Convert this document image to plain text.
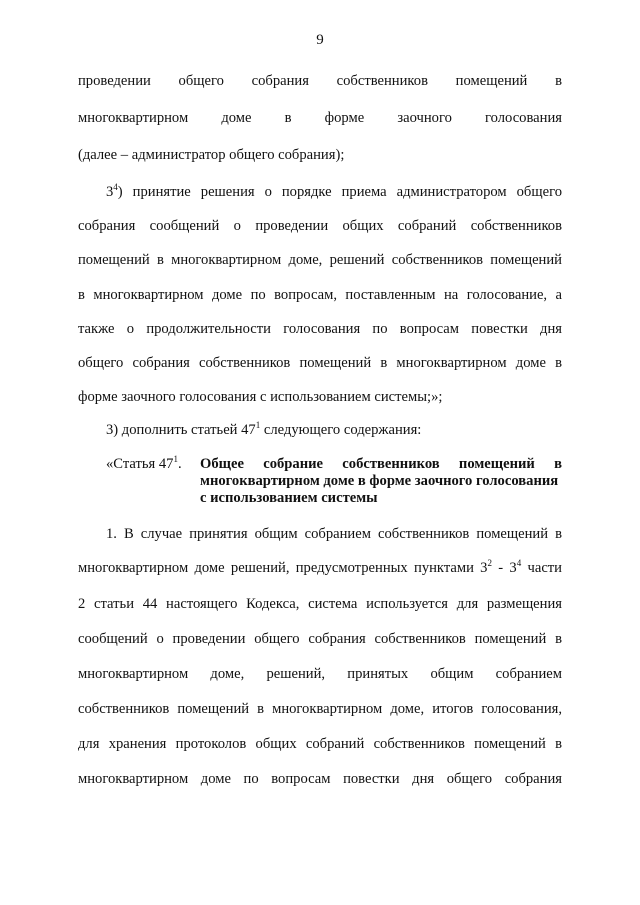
9
проведении общего собрания собственников помещений в
многоквартирном доме в форме заочного голосования
(далее – администратор общего собрания);
$3^4$) принятие решения о порядке приема администратором общего
собрания сообщений о проведении общих собраний собственников
помещений в многоквартирном доме, решений собственников помещений
в многоквартирном доме по вопросам, поставленным на голосование, а
также о продолжительности голосования по вопросам повестки дня
общего собрания собственников помещений в многоквартирном доме в
форме заочного голосования с использованием системы;»;
3) дополнить статьей $47^1$ следующего содержания:
«Статья $47^1$. Общее собрание собственников помещений в
многоквартирном доме в форме заочного голосования
с использованием системы
1. В случае принятия общим собранием собственников помещений в
многоквартирном доме решений, предусмотренных пунктами $3^2 - 3^4$ части
2 статьи 44 настоящего Кодекса, система используется для размещения
сообщений о проведении общего собрания собственников помещений в
многоквартирном доме, решений, принятых общим собранием
собственников помещений в многоквартирном доме, итогов голосования,
для хранения протоколов общих собраний собственников помещений в
многоквартирном доме по вопросам повестки дня общего собрания
